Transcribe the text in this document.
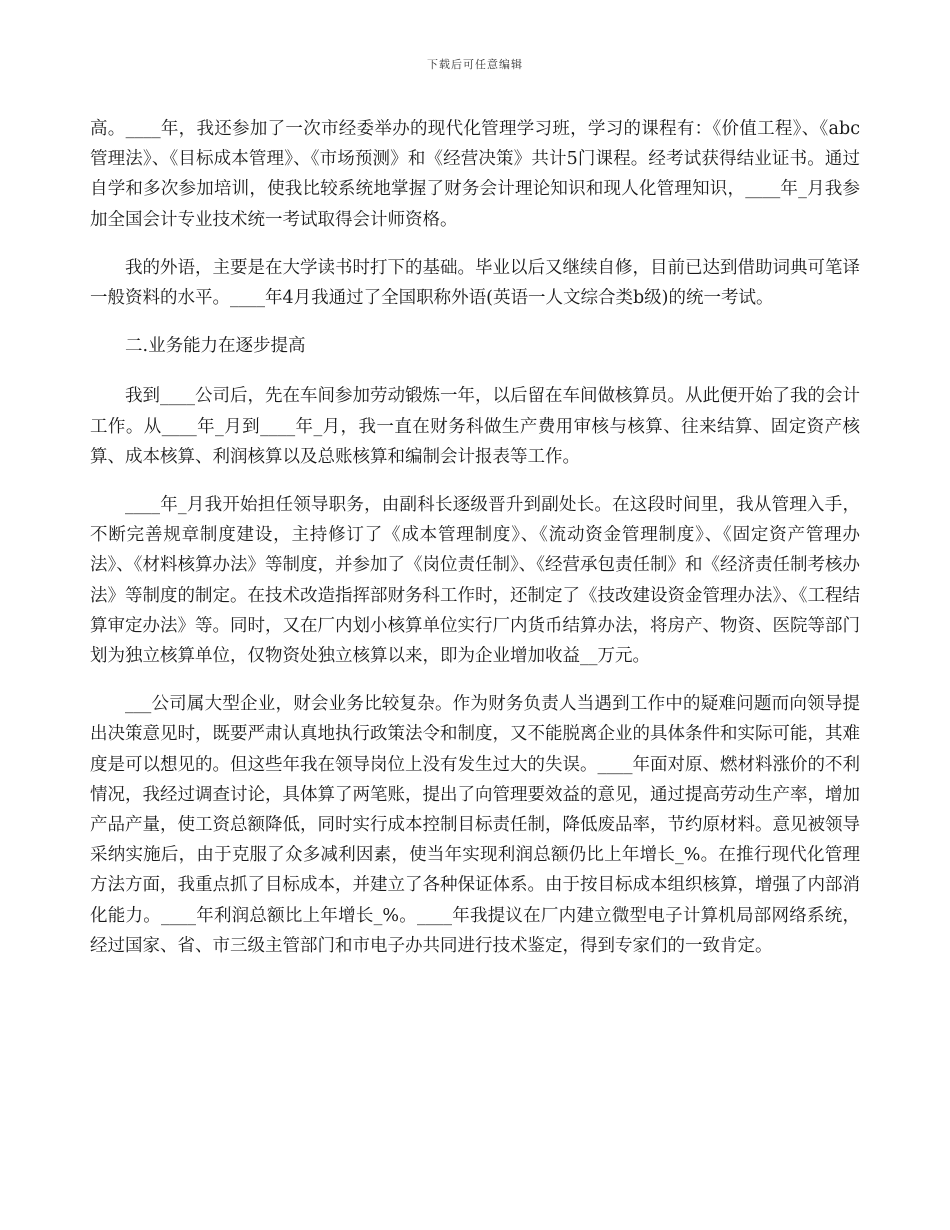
下载后可任意编辑

高。____年，我还参加了一次市经委举办的现代化管理学习班，学习的课程有：《价值工程》、《abc管理法》、《目标成本管理》、《市场预测》和《经营决策》共计5门课程。经考试获得结业证书。通过自学和多次参加培训，使我比较系统地掌握了财务会计理论知识和现人化管理知识，____年_月我参加全国会计专业技术统一考试取得会计师资格。

我的外语，主要是在大学读书时打下的基础。毕业以后又继续自修，目前已达到借助词典可笔译一般资料的水平。____年4月我通过了全国职称外语(英语一人文综合类b级)的统一考试。

二.业务能力在逐步提高

我到____公司后，先在车间参加劳动锻炼一年，以后留在车间做核算员。从此便开始了我的会计工作。从____年_月到____年_月，我一直在财务科做生产费用审核与核算、往来结算、固定资产核算、成本核算、利润核算以及总账核算和编制会计报表等工作。

____年_月我开始担任领导职务，由副科长逐级晋升到副处长。在这段时间里，我从管理入手，不断完善规章制度建设，主持修订了《成本管理制度》、《流动资金管理制度》、《固定资产管理办法》、《材料核算办法》等制度，并参加了《岗位责任制》、《经营承包责任制》和《经济责任制考核办法》等制度的制定。在技术改造指挥部财务科工作时，还制定了《技改建设资金管理办法》、《工程结算审定办法》等。同时，又在厂内划小核算单位实行厂内货币结算办法，将房产、物资、医院等部门划为独立核算单位，仅物资处独立核算以来，即为企业增加收益__万元。

___公司属大型企业，财会业务比较复杂。作为财务负责人当遇到工作中的疑难问题而向领导提出决策意见时，既要严肃认真地执行政策法令和制度，又不能脱离企业的具体条件和实际可能，其难度是可以想见的。但这些年我在领导岗位上没有发生过大的失误。____年面对原、燃材料涨价的不利情况，我经过调查讨论，具体算了两笔账，提出了向管理要效益的意见，通过提高劳动生产率，增加产品产量，使工资总额降低，同时实行成本控制目标责任制，降低废品率，节约原材料。意见被领导采纳实施后，由于克服了众多减利因素，使当年实现利润总额仍比上年增长_%。在推行现代化管理方法方面，我重点抓了目标成本，并建立了各种保证体系。由于按目标成本组织核算，增强了内部消化能力。____年利润总额比上年增长_%。____年我提议在厂内建立微型电子计算机局部网络系统，经过国家、省、市三级主管部门和市电子办共同进行技术鉴定，得到专家们的一致肯定。
